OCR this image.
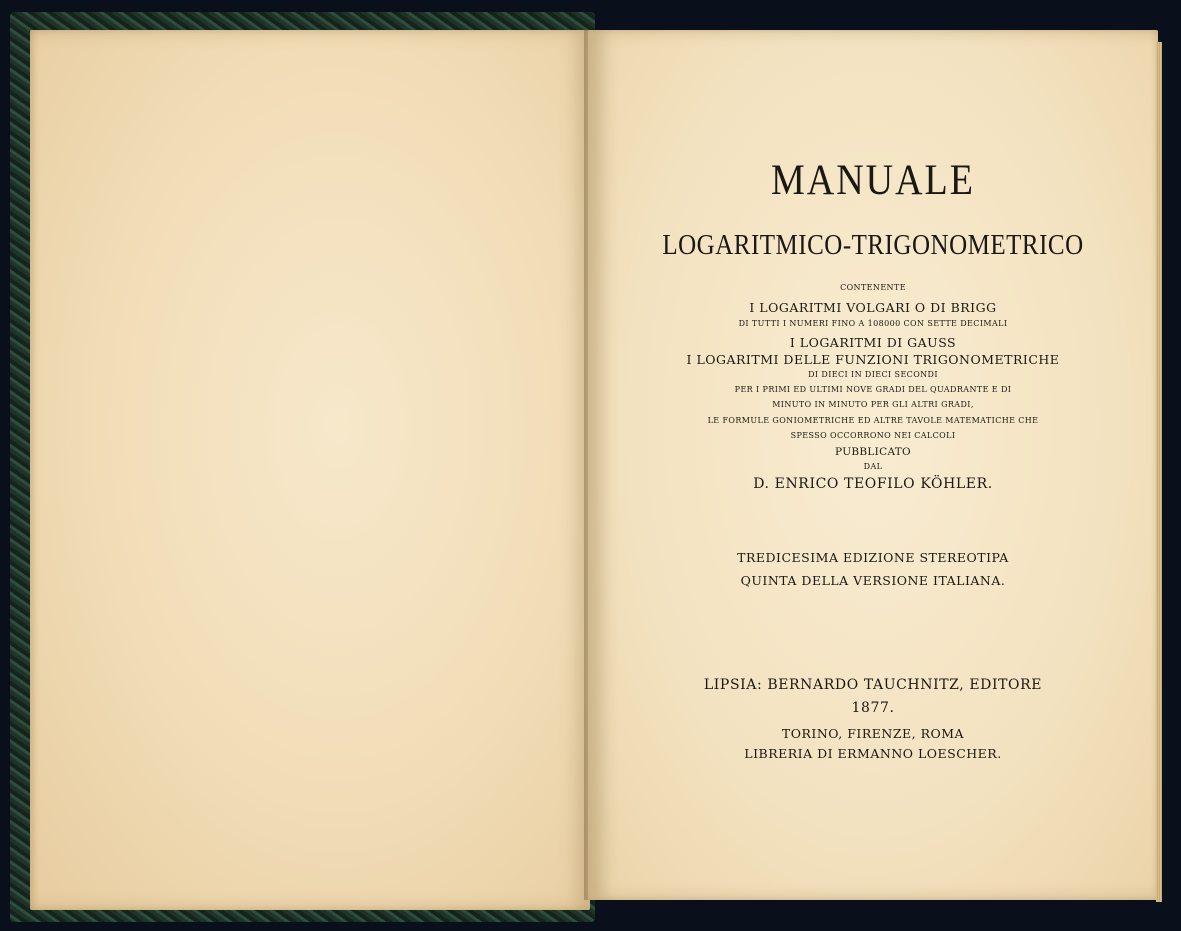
MANUALE
LOGARITMICO-TRIGONOMETRICO
CONTENENTE
I LOGARITMI VOLGARI O DI BRIGG
DI TUTTI I NUMERI FINO A 108000 CON SETTE DECIMALI
I LOGARITMI DI GAUSS
I LOGARITMI DELLE FUNZIONI TRIGONOMETRICHE
DI DIECI IN DIECI SECONDI
PER I PRIMI ED ULTIMI NOVE GRADI DEL QUADRANTE E DI
MINUTO IN MINUTO PER GLI ALTRI GRADI,
LE FORMULE GONIOMETRICHE ED ALTRE TAVOLE MATEMATICHE CHE
SPESSO OCCORRONO NEI CALCOLI
PUBBLICATO
DAL
D. ENRICO TEOFILO KÖHLER.
TREDICESIMA EDIZIONE STEREOTIPA
QUINTA DELLA VERSIONE ITALIANA.
LIPSIA: BERNARDO TAUCHNITZ, EDITORE
1877.
TORINO, FIRENZE, ROMA
LIBRERIA DI ERMANNO LOESCHER.
